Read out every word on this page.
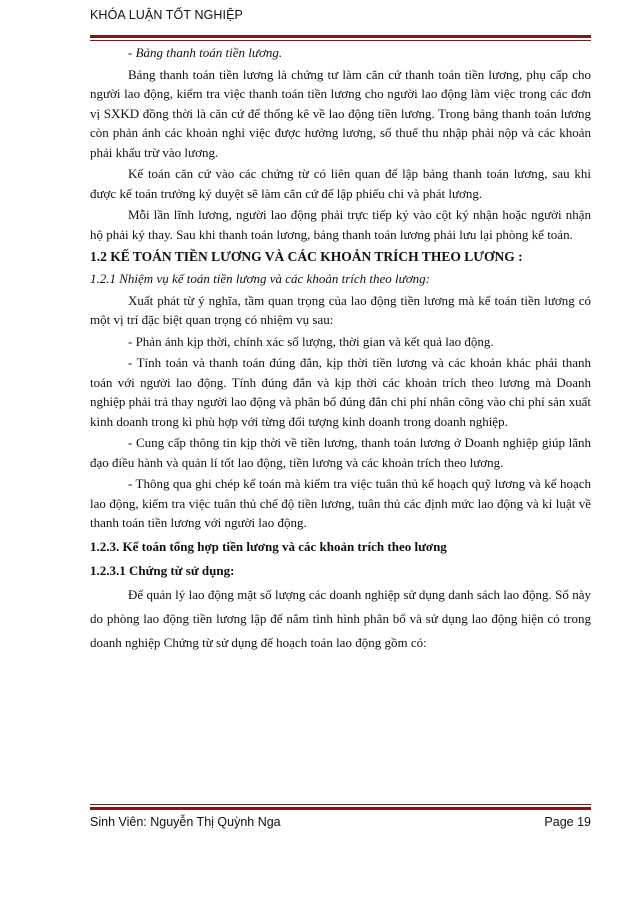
KHÓA LUẬN TỐT NGHIỆP

- Bảng thanh toán tiền lương.

Bảng thanh toán tiền lương là chứng tư làm căn cứ thanh toán tiền lương, phụ cấp cho người lao động, kiểm tra việc thanh toán tiền lương cho người lao động làm việc trong các đơn vị SXKD đồng thời là căn cứ để thống kê về lao động tiền lương. Trong bảng thanh toán lương còn phản ánh các khoản nghỉ việc được hưởng lương, số thuế thu nhập phải nộp và các khoản phải khấu trừ vào lương.

Kế toán căn cứ vào các chứng từ có liên quan để lập bảng thanh toán lương, sau khi được kế toán trưởng ký duyệt sẽ làm căn cứ để lập phiếu chi và phát lương.

Mỗi lần lĩnh lương, người lao động phải trực tiếp ký vào cột ký nhận hoặc người nhận hộ phải ký thay. Sau khi thanh toán lương, bảng thanh toán lương phải lưu lại phòng kế toán.

1.2 KẾ TOÁN TIỀN LƯƠNG VÀ CÁC KHOẢN TRÍCH THEO LƯƠNG :

1.2.1 Nhiệm vụ kế toán tiền lương và các khoản trích theo lương:

Xuất phát từ ý nghĩa, tầm quan trọng của lao động tiền lương mà kế toán tiền lương có một vị trí đặc biệt quan trọng có nhiệm vụ sau:

- Phản ánh kịp thời, chính xác số lượng, thời gian và kết quả lao động.

- Tính toán và thanh toán đúng đắn, kịp thời tiền lương và các khoản khác phải thanh toán với người lao động. Tính đúng đắn và kịp thời các khoản trích theo lương mà Doanh nghiệp phải trả thay người lao động và phân bổ đúng đắn chi phí nhân công vào chi phí sản xuất kinh doanh trong kì phù hợp với từng đối tượng kinh doanh trong doanh nghiệp.

- Cung cấp thông tin kịp thời về tiền lương, thanh toán lương ở Doanh nghiệp giúp lãnh đạo điều hành và quản lí tốt lao động, tiền lương và các khoản trích theo lương.

- Thông qua ghi chép kế toán mà kiểm tra việc tuân thủ kế hoạch quỹ lương và kế hoạch lao động, kiểm tra việc tuân thủ chế độ tiền lương, tuân thủ các định mức lao động và kỉ luật về thanh toán tiền lương với người lao động.

1.2.3. Kế toán tổng hợp tiền lương và các khoản trích theo lương
1.2.3.1 Chứng từ sử dụng:

Để quản lý lao động mặt số lượng các doanh nghiệp sử dụng danh sách lao động. Sổ này do phòng lao động tiền lương lập để nắm tình hình phân bổ và sử dụng lao động hiện có trong doanh nghiệp Chứng từ sử dụng để hoạch toán lao động gồm có:

Sinh Viên: Nguyễn Thị Quỳnh Nga	Page 19
